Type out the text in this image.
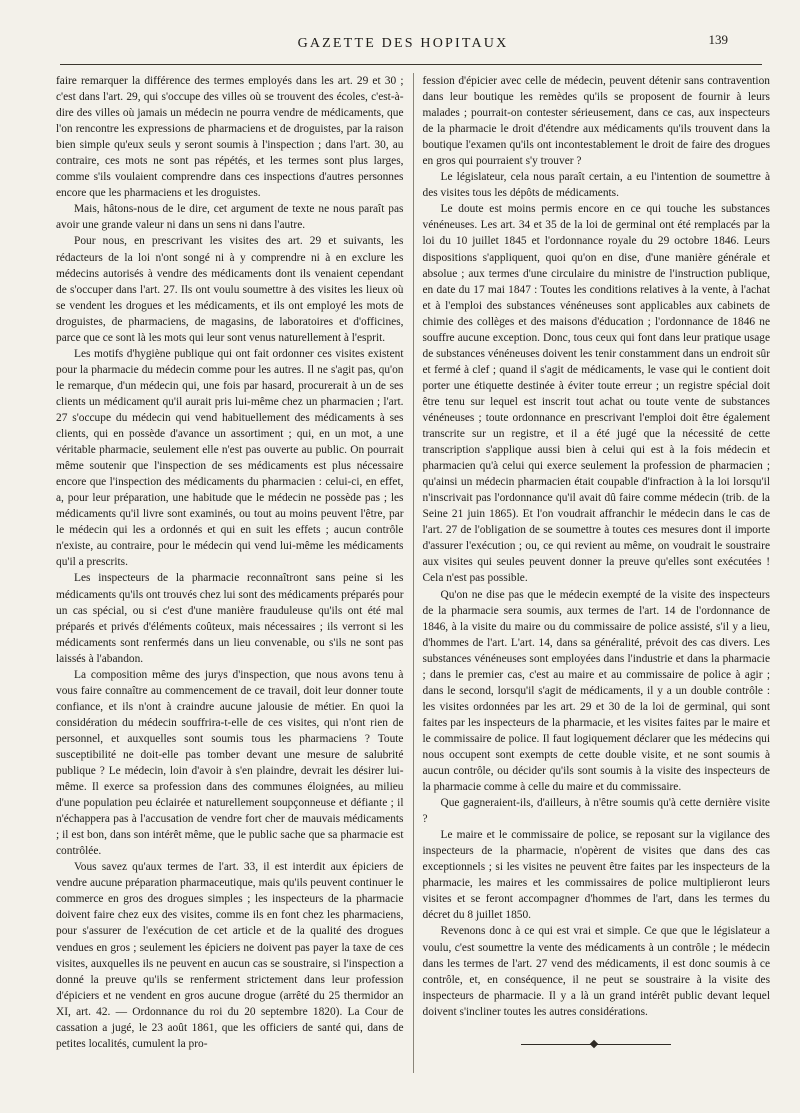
GAZETTE DES HOPITAUX	139

faire remarquer la différence des termes employés dans les art. 29 et 30 ; c'est dans l'art. 29, qui s'occupe des villes où se trouvent des écoles, c'est-à-dire des villes où jamais un médecin ne pourra vendre de médicaments, que l'on rencontre les expressions de pharmaciens et de droguistes, par la raison bien simple qu'eux seuls y seront soumis à l'inspection ; dans l'art. 30, au contraire, ces mots ne sont pas répétés, et les termes sont plus larges, comme s'ils voulaient comprendre dans ces inspections d'autres personnes encore que les pharmaciens et les droguistes.

Mais, hâtons-nous de le dire, cet argument de texte ne nous paraît pas avoir une grande valeur ni dans un sens ni dans l'autre.

Pour nous, en prescrivant les visites des art. 29 et suivants, les rédacteurs de la loi n'ont songé ni à y comprendre ni à en exclure les médecins autorisés à vendre des médicaments dont ils venaient cependant de s'occuper dans l'art. 27. Ils ont voulu soumettre à des visites les lieux où se vendent les drogues et les médicaments, et ils ont employé les mots de droguistes, de pharmaciens, de magasins, de laboratoires et d'officines, parce que ce sont là les mots qui leur sont venus naturellement à l'esprit.

Les motifs d'hygiène publique qui ont fait ordonner ces visites existent pour la pharmacie du médecin comme pour les autres. Il ne s'agit pas, qu'on le remarque, d'un médecin qui, une fois par hasard, procurerait à un de ses clients un médicament qu'il aurait pris lui-même chez un pharmacien ; l'art. 27 s'occupe du médecin qui vend habituellement des médicaments à ses clients, qui en possède d'avance un assortiment ; qui, en un mot, a une véritable pharmacie, seulement elle n'est pas ouverte au public. On pourrait même soutenir que l'inspection de ses médicaments est plus nécessaire encore que l'inspection des médicaments du pharmacien : celui-ci, en effet, a, pour leur préparation, une habitude que le médecin ne possède pas ; les médicaments qu'il livre sont examinés, ou tout au moins peuvent l'être, par le médecin qui les a ordonnés et qui en suit les effets ; aucun contrôle n'existe, au contraire, pour le médecin qui vend lui-même les médicaments qu'il a prescrits.

Les inspecteurs de la pharmacie reconnaîtront sans peine si les médicaments qu'ils ont trouvés chez lui sont des médicaments préparés pour un cas spécial, ou si c'est d'une manière frauduleuse qu'ils ont été mal préparés et privés d'éléments coûteux, mais nécessaires ; ils verront si les médicaments sont renfermés dans un lieu convenable, ou s'ils ne sont pas laissés à l'abandon.

La composition même des jurys d'inspection, que nous avons tenu à vous faire connaître au commencement de ce travail, doit leur donner toute confiance, et ils n'ont à craindre aucune jalousie de métier. En quoi la considération du médecin souffrira-t-elle de ces visites, qui n'ont rien de personnel, et auxquelles sont soumis tous les pharmaciens ? Toute susceptibilité ne doit-elle pas tomber devant une mesure de salubrité publique ? Le médecin, loin d'avoir à s'en plaindre, devrait les désirer lui-même. Il exerce sa profession dans des communes éloignées, au milieu d'une population peu éclairée et naturellement soupçonneuse et défiante ; il n'échappera pas à l'accusation de vendre fort cher de mauvais médicaments ; il est bon, dans son intérêt même, que le public sache que sa pharmacie est contrôlée.

Vous savez qu'aux termes de l'art. 33, il est interdit aux épiciers de vendre aucune préparation pharmaceutique, mais qu'ils peuvent continuer le commerce en gros des drogues simples ; les inspecteurs de la pharmacie doivent faire chez eux des visites, comme ils en font chez les pharmaciens, pour s'assurer de l'exécution de cet article et de la qualité des drogues vendues en gros ; seulement les épiciers ne doivent pas payer la taxe de ces visites, auxquelles ils ne peuvent en aucun cas se soustraire, si l'inspection a donné la preuve qu'ils se renferment strictement dans leur profession d'épiciers et ne vendent en gros aucune drogue (arrêté du 25 thermidor an XI, art. 42. — Ordonnance du roi du 20 septembre 1820). La Cour de cassation a jugé, le 23 août 1861, que les officiers de santé qui, dans de petites localités, cumulent la pro-

fession d'épicier avec celle de médecin, peuvent détenir sans contravention dans leur boutique les remèdes qu'ils se proposent de fournir à leurs malades ; pourrait-on contester sérieusement, dans ce cas, aux inspecteurs de la pharmacie le droit d'étendre aux médicaments qu'ils trouvent dans la boutique l'examen qu'ils ont incontestablement le droit de faire des drogues en gros qui pourraient s'y trouver ?

Le législateur, cela nous paraît certain, a eu l'intention de soumettre à des visites tous les dépôts de médicaments.

Le doute est moins permis encore en ce qui touche les substances vénéneuses. Les art. 34 et 35 de la loi de germinal ont été remplacés par la loi du 10 juillet 1845 et l'ordonnance royale du 29 octobre 1846. Leurs dispositions s'appliquent, quoi qu'on en dise, d'une manière générale et absolue ; aux termes d'une circulaire du ministre de l'instruction publique, en date du 17 mai 1847 : Toutes les conditions relatives à la vente, à l'achat et à l'emploi des substances vénéneuses sont applicables aux cabinets de chimie des collèges et des maisons d'éducation ; l'ordonnance de 1846 ne souffre aucune exception. Donc, tous ceux qui font dans leur pratique usage de substances vénéneuses doivent les tenir constamment dans un endroit sûr et fermé à clef ; quand il s'agit de médicaments, le vase qui le contient doit porter une étiquette destinée à éviter toute erreur ; un registre spécial doit être tenu sur lequel est inscrit tout achat ou toute vente de substances vénéneuses ; toute ordonnance en prescrivant l'emploi doit être également transcrite sur un registre, et il a été jugé que la nécessité de cette transcription s'applique aussi bien à celui qui est à la fois médecin et pharmacien qu'à celui qui exerce seulement la profession de pharmacien ; qu'ainsi un médecin pharmacien était coupable d'infraction à la loi lorsqu'il n'inscrivait pas l'ordonnance qu'il avait dû faire comme médecin (trib. de la Seine 21 juin 1865). Et l'on voudrait affranchir le médecin dans le cas de l'art. 27 de l'obligation de se soumettre à toutes ces mesures dont il importe d'assurer l'exécution ; ou, ce qui revient au même, on voudrait le soustraire aux visites qui seules peuvent donner la preuve qu'elles sont exécutées ! Cela n'est pas possible.

Qu'on ne dise pas que le médecin exempté de la visite des inspecteurs de la pharmacie sera soumis, aux termes de l'art. 14 de l'ordonnance de 1846, à la visite du maire ou du commissaire de police assisté, s'il y a lieu, d'hommes de l'art. L'art. 14, dans sa généralité, prévoit des cas divers. Les substances vénéneuses sont employées dans l'industrie et dans la pharmacie ; dans le premier cas, c'est au maire et au commissaire de police à agir ; dans le second, lorsqu'il s'agit de médicaments, il y a un double contrôle : les visites ordonnées par les art. 29 et 30 de la loi de germinal, qui sont faites par les inspecteurs de la pharmacie, et les visites faites par le maire et le commissaire de police. Il faut logiquement déclarer que les médecins qui nous occupent sont exempts de cette double visite, et ne sont soumis à aucun contrôle, ou décider qu'ils sont soumis à la visite des inspecteurs de la pharmacie comme à celle du maire et du commissaire.

Que gagneraient-ils, d'ailleurs, à n'être soumis qu'à cette dernière visite ?

Le maire et le commissaire de police, se reposant sur la vigilance des inspecteurs de la pharmacie, n'opèrent de visites que dans des cas exceptionnels ; si les visites ne peuvent être faites par les inspecteurs de la pharmacie, les maires et les commissaires de police multiplieront leurs visites et se feront accompagner d'hommes de l'art, dans les termes du décret du 8 juillet 1850.

Revenons donc à ce qui est vrai et simple. Ce que que le législateur a voulu, c'est soumettre la vente des médicaments à un contrôle ; le médecin dans les termes de l'art. 27 vend des médicaments, il est donc soumis à ce contrôle, et, en conséquence, il ne peut se soustraire à la visite des inspecteurs de pharmacie. Il y a là un grand intérêt public devant lequel doivent s'incliner toutes les autres considérations.
